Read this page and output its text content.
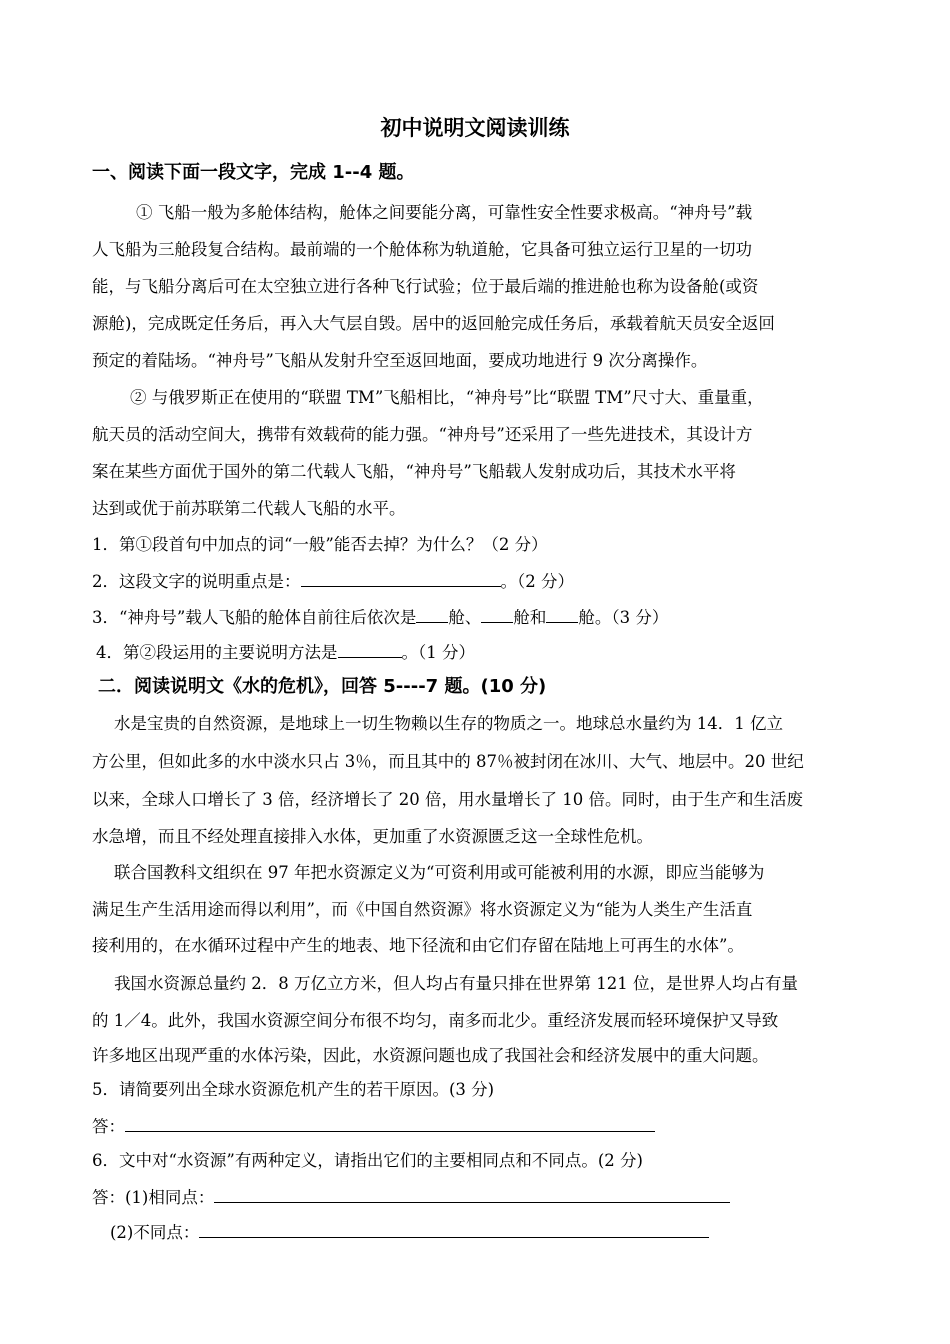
初中说明文阅读训练
一、阅读下面一段文字，完成 1--4 题。
① 飞船一般为多舱体结构，舱体之间要能分离，可靠性安全性要求极高。“神舟号”载
人飞船为三舱段复合结构。最前端的一个舱体称为轨道舱，它具备可独立运行卫星的一切功
能，与飞船分离后可在太空独立进行各种飞行试验；位于最后端的推进舱也称为设备舱(或资
源舱)，完成既定任务后，再入大气层自毁。居中的返回舱完成任务后，承载着航天员安全返回
预定的着陆场。“神舟号”飞船从发射升空至返回地面，要成功地进行 9 次分离操作。
② 与俄罗斯正在使用的“联盟 TM”飞船相比，“神舟号”比“联盟 TM”尺寸大、重量重，
航天员的活动空间大，携带有效载荷的能力强。“神舟号”还采用了一些先进技术，其设计方
案在某些方面优于国外的第二代载人飞船，“神舟号”飞船载人发射成功后，其技术水平将
达到或优于前苏联第二代载人飞船的水平。
1．第①段首句中加点的词“一般”能否去掉？为什么？（2 分）
2．这段文字的说明重点是：	。（2 分）
3．“神舟号”载人飞船的舱体自前往后依次是 舱、 舱和 舱。（3 分）
4．第②段运用的主要说明方法是	。（1 分）
二．阅读说明文《水的危机》，回答 5----7 题。(10 分)
水是宝贵的自然资源，是地球上一切生物赖以生存的物质之一。地球总水量约为 14．1 亿立
方公里，但如此多的水中淡水只占 3％，而且其中的 87％被封闭在冰川、大气、地层中。20 世纪
以来，全球人口增长了 3 倍，经济增长了 20 倍，用水量增长了 10 倍。同时，由于生产和生活废
水急增，而且不经处理直接排入水体，更加重了水资源匮乏这一全球性危机。
联合国教科文组织在 97 年把水资源定义为“可资利用或可能被利用的水源，即应当能够为
满足生产生活用途而得以利用”，而《中国自然资源》将水资源定义为“能为人类生产生活直
接利用的，在水循环过程中产生的地表、地下径流和由它们存留在陆地上可再生的水体”。
我国水资源总量约 2．8 万亿立方米，但人均占有量只排在世界第 121 位，是世界人均占有量
的 1／4。此外，我国水资源空间分布很不均匀，南多而北少。重经济发展而轻环境保护又导致
许多地区出现严重的水体污染，因此，水资源问题也成了我国社会和经济发展中的重大问题。
5．请简要列出全球水资源危机产生的若干原因。(3 分)
答：
6．文中对“水资源”有两种定义，请指出它们的主要相同点和不同点。(2 分)
答：(1)相同点：
(2)不同点：
